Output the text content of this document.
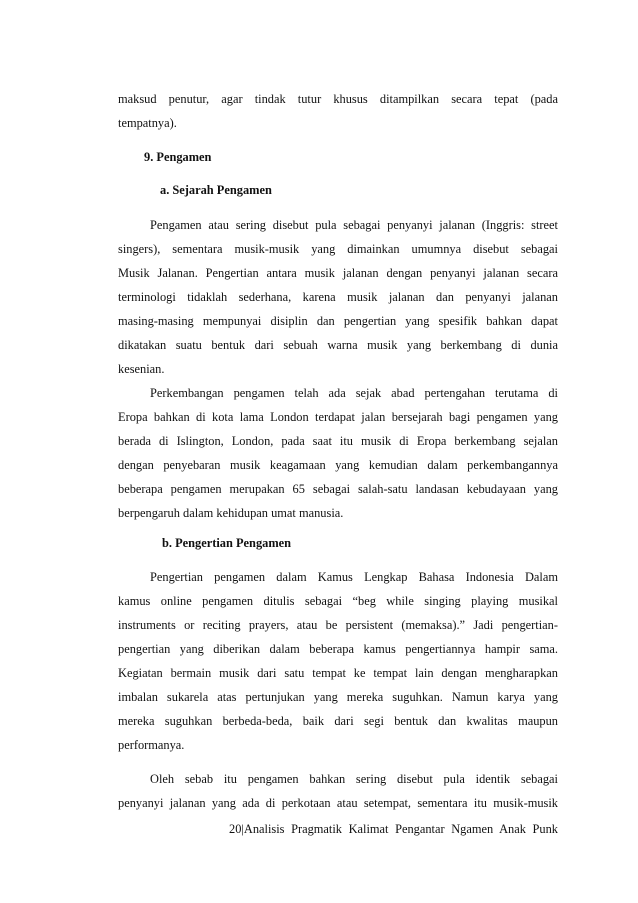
maksud penutur, agar tindak tutur khusus ditampilkan secara tepat (pada
tempatnya).
9. Pengamen
a. Sejarah Pengamen
Pengamen atau sering disebut pula sebagai penyanyi jalanan (Inggris: street
singers), sementara musik-musik yang dimainkan umumnya disebut sebagai
Musik Jalanan. Pengertian antara musik jalanan dengan penyanyi jalanan secara
terminologi tidaklah sederhana, karena musik jalanan dan penyanyi jalanan
masing-masing mempunyai disiplin dan pengertian yang spesifik bahkan dapat
dikatakan suatu bentuk dari sebuah warna musik yang berkembang di dunia
kesenian.
Perkembangan pengamen telah ada sejak abad pertengahan terutama di
Eropa bahkan di kota lama London terdapat jalan bersejarah bagi pengamen yang
berada di Islington, London, pada saat itu musik di Eropa berkembang sejalan
dengan penyebaran musik keagamaan yang kemudian dalam perkembangannya
beberapa pengamen merupakan 65 sebagai salah-satu landasan kebudayaan yang
berpengaruh dalam kehidupan umat manusia.
b. Pengertian Pengamen
Pengertian pengamen dalam Kamus Lengkap Bahasa Indonesia Dalam
kamus online pengamen ditulis sebagai “beg while singing playing musikal
instruments or reciting prayers, atau be persistent (memaksa).” Jadi pengertian-
pengertian yang diberikan dalam beberapa kamus pengertiannya hampir sama.
Kegiatan bermain musik dari satu tempat ke tempat lain dengan mengharapkan
imbalan sukarela atas pertunjukan yang mereka suguhkan. Namun karya yang
mereka suguhkan berbeda-beda, baik dari segi bentuk dan kwalitas maupun
performanya.
Oleh sebab itu pengamen bahkan sering disebut pula identik sebagai
penyanyi jalanan yang ada di perkotaan atau setempat, sementara itu musik-musik
20|Analisis Pragmatik Kalimat Pengantar Ngamen Anak Punk
